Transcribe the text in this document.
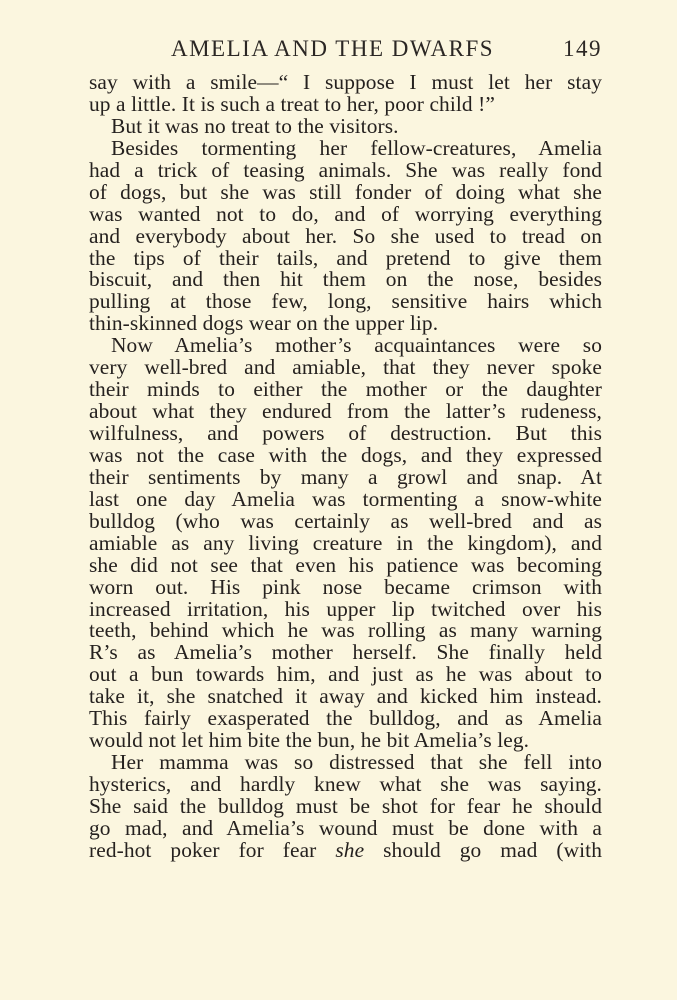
AMELIA AND THE DWARFS	149
say with a smile—“ I suppose I must let her stay
up a little. It is such a treat to her, poor child !”
But it was no treat to the visitors.
Besides tormenting her fellow-creatures, Amelia
had a trick of teasing animals. She was really fond
of dogs, but she was still fonder of doing what she
was wanted not to do, and of worrying everything
and everybody about her. So she used to tread on
the tips of their tails, and pretend to give them
biscuit, and then hit them on the nose, besides
pulling at those few, long, sensitive hairs which
thin-skinned dogs wear on the upper lip.
Now Amelia’s mother’s acquaintances were so
very well-bred and amiable, that they never spoke
their minds to either the mother or the daughter
about what they endured from the latter’s rudeness,
wilfulness, and powers of destruction. But this
was not the case with the dogs, and they expressed
their sentiments by many a growl and snap. At
last one day Amelia was tormenting a snow-white
bulldog (who was certainly as well-bred and as
amiable as any living creature in the kingdom), and
she did not see that even his patience was becoming
worn out. His pink nose became crimson with
increased irritation, his upper lip twitched over his
teeth, behind which he was rolling as many warning
R’s as Amelia’s mother herself. She finally held
out a bun towards him, and just as he was about to
take it, she snatched it away and kicked him instead.
This fairly exasperated the bulldog, and as Amelia
would not let him bite the bun, he bit Amelia’s leg.
Her mamma was so distressed that she fell into
hysterics, and hardly knew what she was saying.
She said the bulldog must be shot for fear he should
go mad, and Amelia’s wound must be done with a
red-hot poker for fear she should go mad (with
